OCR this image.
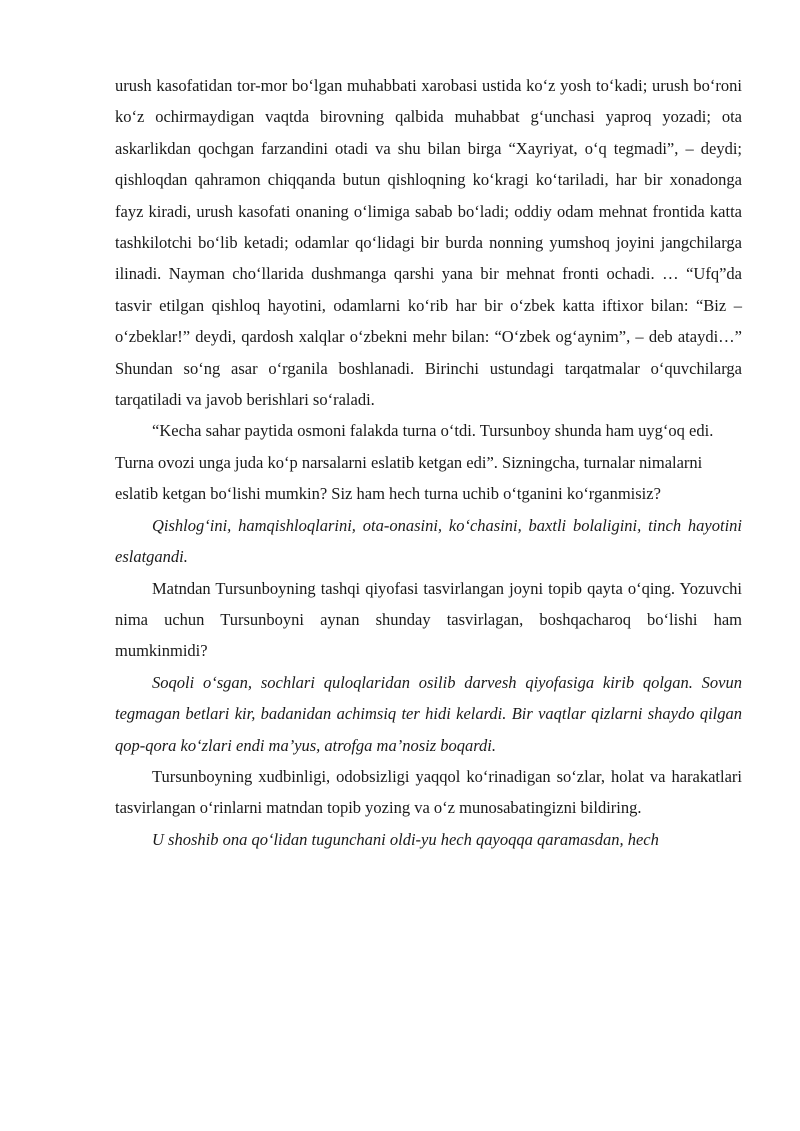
urush kasofatidan tor-mor bo‘lgan muhabbati xarobasi ustida ko‘z yosh to‘kadi; urush bo‘roni ko‘z ochirmaydigan vaqtda birovning qalbida muhabbat g‘unchasi yaproq yozadi; ota askarlikdan qochgan farzandini otadi va shu bilan birga “Xayriyat, o‘q tegmadi”, – deydi; qishloqdan qahramon chiqqanda butun qishloqning ko‘kragi ko‘tariladi, har bir xonadonga fayz kiradi, urush kasofati onaning o‘limiga sabab bo‘ladi; oddiy odam mehnat frontida katta tashkilotchi bo‘lib ketadi; odamlar qo‘lidagi bir burda nonning yumshoq joyini jangchilarga ilinadi. Nayman cho‘llarida dushmanga qarshi yana bir mehnat fronti ochadi. … “Ufq”da tasvir etilgan qishloq hayotini, odamlarni ko‘rib har bir o‘zbek katta iftixor bilan: “Biz – o‘zbeklar!” deydi, qardosh xalqlar o‘zbekni mehr bilan: “O‘zbek og‘aynim”, – deb ataydi…” Shundan so‘ng asar o‘rganila boshlanadi. Birinchi ustundagi tarqatmalar o‘quvchilarga tarqatiladi va javob berishlari so‘raladi.

“Kecha sahar paytida osmoni falakda turna o‘tdi. Tursunboy shunda ham uyg‘oq edi. Turna ovozi unga juda ko‘p narsalarni eslatib ketgan edi”. Sizningcha, turnalar nimalarni eslatib ketgan bo‘lishi mumkin? Siz ham hech turna uchib o‘tganini ko‘rganmisiz?

Qishlog‘ini, hamqishloqlarini, ota-onasini, ko‘chasini, baxtli bolaligini, tinch hayotini eslatgandi.

Matndan Tursunboyning tashqi qiyofasi tasvirlangan joyni topib qayta o‘qing. Yozuvchi nima uchun Tursunboyni aynan shunday tasvirlagan, boshqacharoq bo‘lishi ham mumkinmidi?

Soqoli o‘sgan, sochlari quloqlaridan osilib darvesh qiyofasiga kirib qolgan. Sovun tegmagan betlari kir, badanidan achimsiq ter hidi kelardi. Bir vaqtlar qizlarni shaydo qilgan qop-qora ko‘zlari endi ma’yus, atrofga ma’nosiz boqardi.

Tursunboyning xudbinligi, odobsizligi yaqqol ko‘rinadigan so‘zlar, holat va harakatlari tasvirlangan o‘rinlarni matndan topib yozing va o‘z munosabatingizni bildiring.

U shoshib ona qo‘lidan tugunchani oldi-yu hech qayoqqa qaramasdan, hech
